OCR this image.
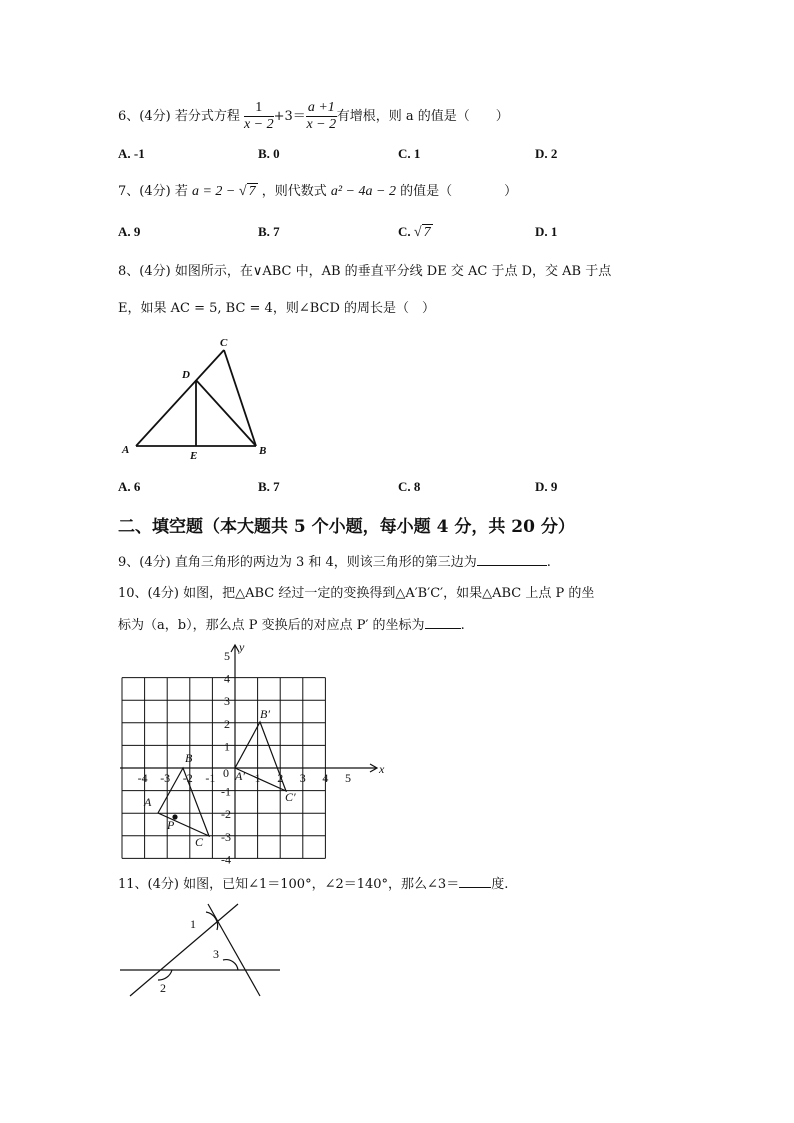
6、(4分) 若分式方程 $\frac{1}{x - 2} +3= \frac{a +1}{x - 2}$ 有增根，则 a 的值是（　　）
A. -1	B. 0	C. 1	D. 2
7、(4分) 若 a = 2 − √ 7 ，则代数式 a² − 4a − 2 的值是（　　　　）
A. 9	B. 7	C. √ 7	D. 1
8、(4分) 如图所示，在∨ABC 中，AB 的垂直平分线 DE 交 AC 于点 D，交 AB 于点
E，如果 AC = 5, BC = 4，则∠BCD 的周长是（　）
C
D
A	E	B
A. 6	B. 7	C. 8	D. 9
二、填空题（本大题共 5 个小题，每小题 4 分，共 20 分）
9、(4分) 直角三角形的两边为 3 和 4，则该三角形的第三边为	.
10、(4分) 如图，把△ABC 经过一定的变换得到△A′B′C′，如果△ABC 上点 P 的坐
标为（a，b），那么点 P 变换后的对应点 P′ 的坐标为	.
-4 -3 -2 -1	1 2 3 4 5
5
4
3
2
1
-1
-2
-3
-4
x
y
0
A
B
C
P
A′
B′
C′
11、(4分) 如图，已知∠1＝100°，∠2＝140°，那么∠3＝ 度.
1
3
2
